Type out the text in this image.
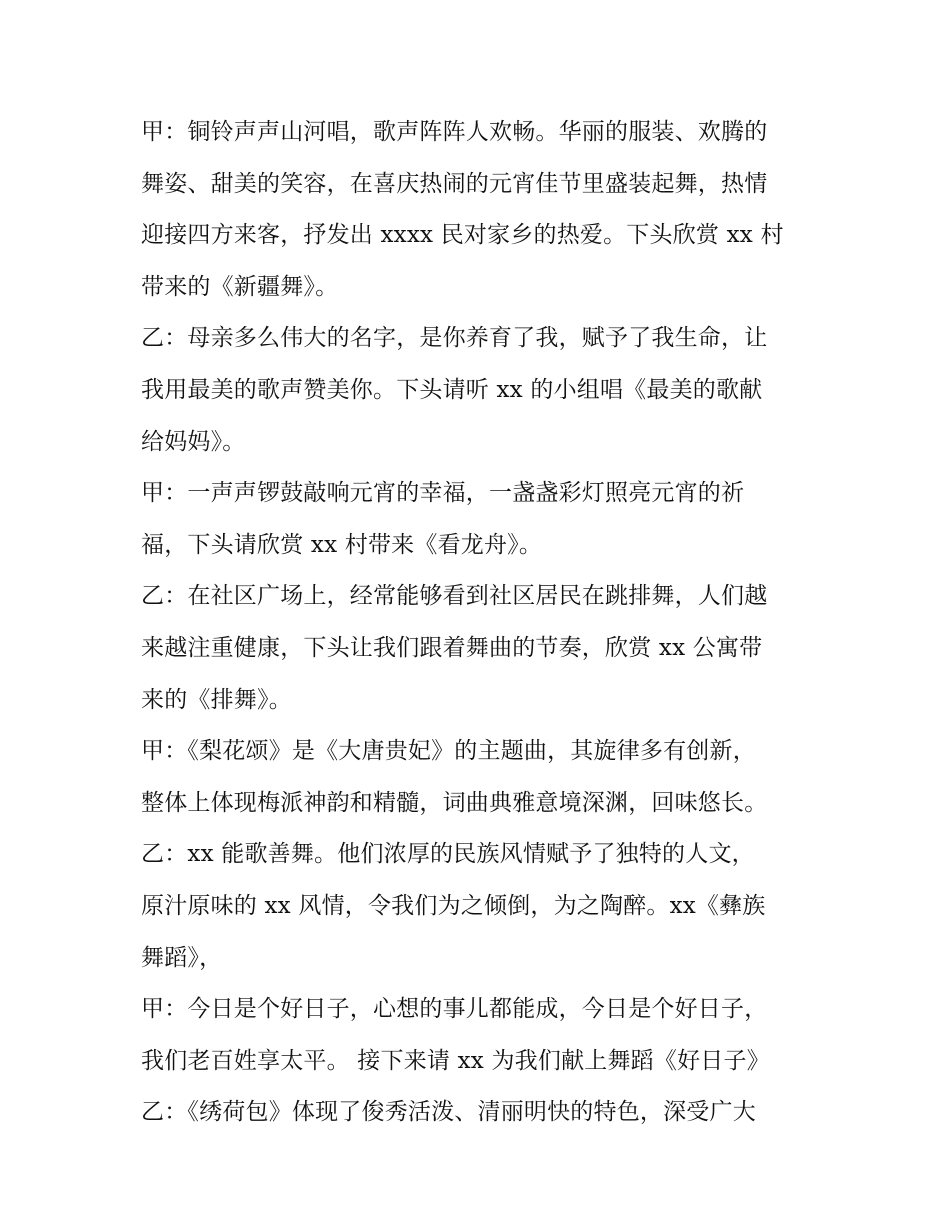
甲：铜铃声声山河唱，歌声阵阵人欢畅。华丽的服装、欢腾的
舞姿、甜美的笑容，在喜庆热闹的元宵佳节里盛装起舞，热情
迎接四方来客，抒发出 xxxx 民对家乡的热爱。下头欣赏 xx 村
带来的《新疆舞》。
乙：母亲多么伟大的名字，是你养育了我，赋予了我生命，让
我用最美的歌声赞美你。下头请听 xx 的小组唱《最美的歌献
给妈妈》。
甲：一声声锣鼓敲响元宵的幸福，一盏盏彩灯照亮元宵的祈
福，下头请欣赏 xx 村带来《看龙舟》。
乙：在社区广场上，经常能够看到社区居民在跳排舞，人们越
来越注重健康，下头让我们跟着舞曲的节奏，欣赏 xx 公寓带
来的《排舞》。
甲：《梨花颂》是《大唐贵妃》的主题曲，其旋律多有创新，
整体上体现梅派神韵和精髓，词曲典雅意境深渊，回味悠长。
乙：xx 能歌善舞。他们浓厚的民族风情赋予了独特的人文，
原汁原味的 xx 风情，令我们为之倾倒，为之陶醉。xx《彝族
舞蹈》，
甲：今日是个好日子，心想的事儿都能成，今日是个好日子，
我们老百姓享太平。 接下来请 xx 为我们献上舞蹈《好日子》
乙：《绣荷包》体现了俊秀活泼、清丽明快的特色，深受广大
